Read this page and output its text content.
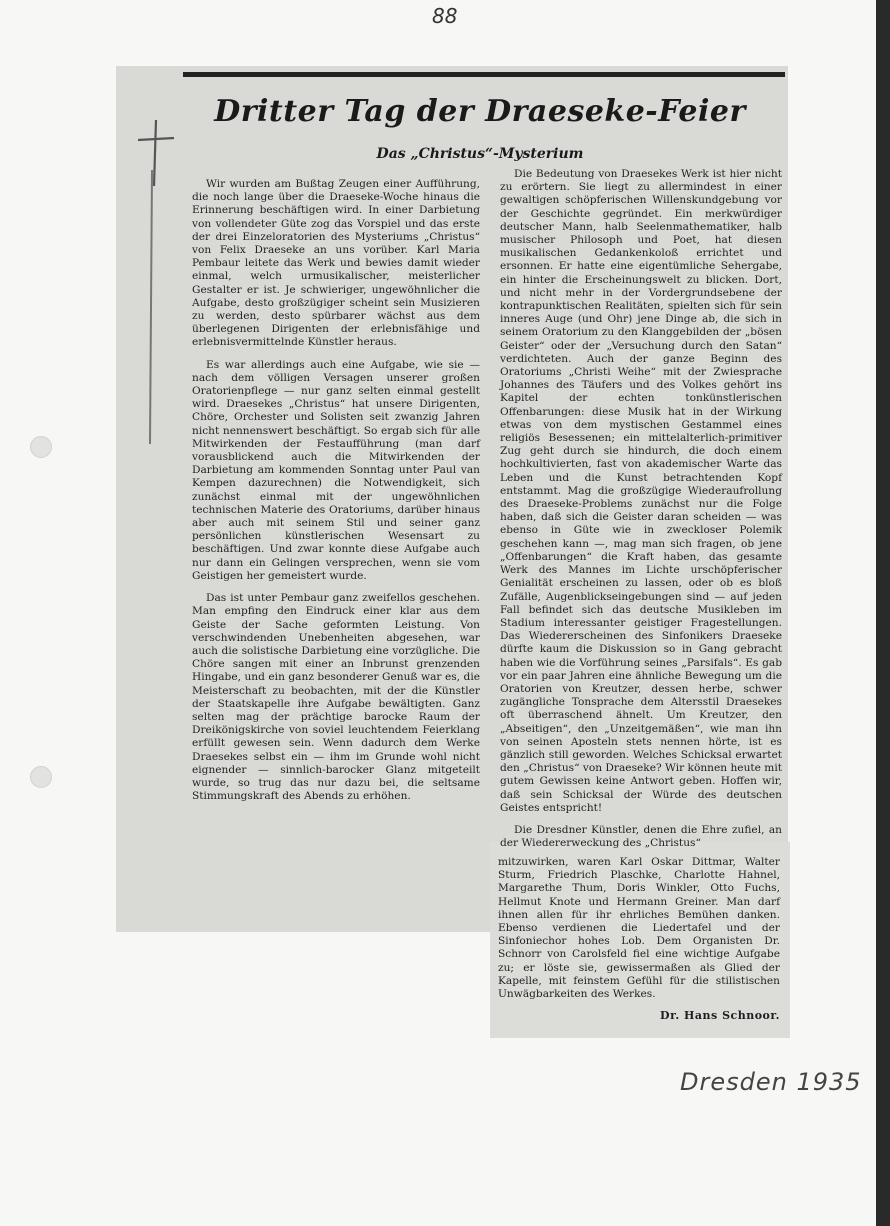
88
Dritter Tag der Draeseke-Feier
Das „Christus“-Mysterium

Wir wurden am Bußtag Zeugen einer Aufführung, die noch lange über die Draeseke-Woche hinaus die Erinnerung beschäftigen wird. In einer Darbietung von vollendeter Güte zog das Vorspiel und das erste der drei Einzeloratorien des Mysteriums „Christus“ von Felix Draeseke an uns vorüber. Karl Maria Pembaur leitete das Werk und bewies damit wieder einmal, welch urmusikalischer, meisterlicher Gestalter er ist. Je schwieriger, ungewöhnlicher die Aufgabe, desto großzügiger scheint sein Musizieren zu werden, desto spürbarer wächst aus dem überlegenen Dirigenten der erlebnisfähige und erlebnisvermittelnde Künstler heraus.

Es war allerdings auch eine Aufgabe, wie sie — nach dem völligen Versagen unserer großen Oratorienpflege — nur ganz selten einmal gestellt wird. Draesekes „Christus“ hat unsere Dirigenten, Chöre, Orchester und Solisten seit zwanzig Jahren nicht nennenswert beschäftigt. So ergab sich für alle Mitwirkenden der Festaufführung (man darf vorausblickend auch die Mitwirkenden der Darbietung am kommenden Sonntag unter Paul van Kempen dazurechnen) die Notwendigkeit, sich zunächst einmal mit der ungewöhnlichen technischen Materie des Oratoriums, darüber hinaus aber auch mit seinem Stil und seiner ganz persönlichen künstlerischen Wesensart zu beschäftigen. Und zwar konnte diese Aufgabe auch nur dann ein Gelingen versprechen, wenn sie vom Geistigen her gemeistert wurde.

Das ist unter Pembaur ganz zweifellos geschehen. Man empfing den Eindruck einer klar aus dem Geiste der Sache geformten Leistung. Von verschwindenden Unebenheiten abgesehen, war auch die solistische Darbietung eine vorzügliche. Die Chöre sangen mit einer an Inbrunst grenzenden Hingabe, und ein ganz besonderer Genuß war es, die Meisterschaft zu beobachten, mit der die Künstler der Staatskapelle ihre Aufgabe bewältigten. Ganz selten mag der prächtige barocke Raum der Dreikönigskirche von soviel leuchtendem Feierklang erfüllt gewesen sein. Wenn dadurch dem Werke Draesekes selbst ein — ihm im Grunde wohl nicht eignender — sinnlich-barocker Glanz mitgeteilt wurde, so trug das nur dazu bei, die seltsame Stimmungskraft des Abends zu erhöhen.

Die Bedeutung von Draesekes Werk ist hier nicht zu erörtern. Sie liegt zu allermindest in einer gewaltigen schöpferischen Willenskundgebung vor der Geschichte gegründet. Ein merkwürdiger deutscher Mann, halb Seelenmathematiker, halb musischer Philosoph und Poet, hat diesen musikalischen Gedankenkoloß errichtet und ersonnen. Er hatte eine eigentümliche Sehergabe, ein hinter die Erscheinungswelt zu blicken. Dort, und nicht mehr in der Vordergrundsebene der kontrapunktischen Realitäten, spielten sich für sein inneres Auge (und Ohr) jene Dinge ab, die sich in seinem Oratorium zu den Klanggebilden der „bösen Geister“ oder der „Versuchung durch den Satan“ verdichteten. Auch der ganze Beginn des Oratoriums „Christi Weihe“ mit der Zwiesprache Johannes des Täufers und des Volkes gehört ins Kapitel der echten tonkünstlerischen Offenbarungen: diese Musik hat in der Wirkung etwas von dem mystischen Gestammel eines religiös Besessenen; ein mittelalterlich-primitiver Zug geht durch sie hindurch, die doch einem hochkultivierten, fast von akademischer Warte das Leben und die Kunst betrachtenden Kopf entstammt. Mag die großzügige Wiederaufrollung des Draeseke-Problems zunächst nur die Folge haben, daß sich die Geister daran scheiden — was ebenso in Güte wie in zweckloser Polemik geschehen kann —, mag man sich fragen, ob jene „Offenbarungen“ die Kraft haben, das gesamte Werk des Mannes im Lichte urschöpferischer Genialität erscheinen zu lassen, oder ob es bloß Zufälle, Augenblickseingebungen sind — auf jeden Fall befindet sich das deutsche Musikleben im Stadium interessanter geistiger Fragestellungen. Das Wiedererscheinen des Sinfonikers Draeseke dürfte kaum die Diskussion so in Gang gebracht haben wie die Vorführung seines „Parsifals“. Es gab vor ein paar Jahren eine ähnliche Bewegung um die Oratorien von Kreutzer, dessen herbe, schwer zugängliche Tonsprache dem Altersstil Draesekes oft überraschend ähnelt. Um Kreutzer, den „Abseitigen“, den „Unzeitgemäßen“, wie man ihn von seinen Aposteln stets nennen hörte, ist es gänzlich still geworden. Welches Schicksal erwartet den „Christus“ von Draeseke? Wir können heute mit gutem Gewissen keine Antwort geben. Hoffen wir, daß sein Schicksal der Würde des deutschen Geistes entspricht!

Die Dresdner Künstler, denen die Ehre zufiel, an der Wiedererweckung des „Christus“

mitzuwirken, waren Karl Oskar Dittmar, Walter Sturm, Friedrich Plaschke, Charlotte Hahnel, Margarethe Thum, Doris Winkler, Otto Fuchs, Hellmut Knote und Hermann Greiner. Man darf ihnen allen für ihr ehrliches Bemühen danken. Ebenso verdienen die Liedertafel und der Sinfoniechor hohes Lob. Dem Organisten Dr. Schnorr von Carolsfeld fiel eine wichtige Aufgabe zu; er löste sie, gewissermaßen als Glied der Kapelle, mit feinstem Gefühl für die stilistischen Unwägbarkeiten des Werkes.

Dr. Hans Schnoor.
Dresden 1935
